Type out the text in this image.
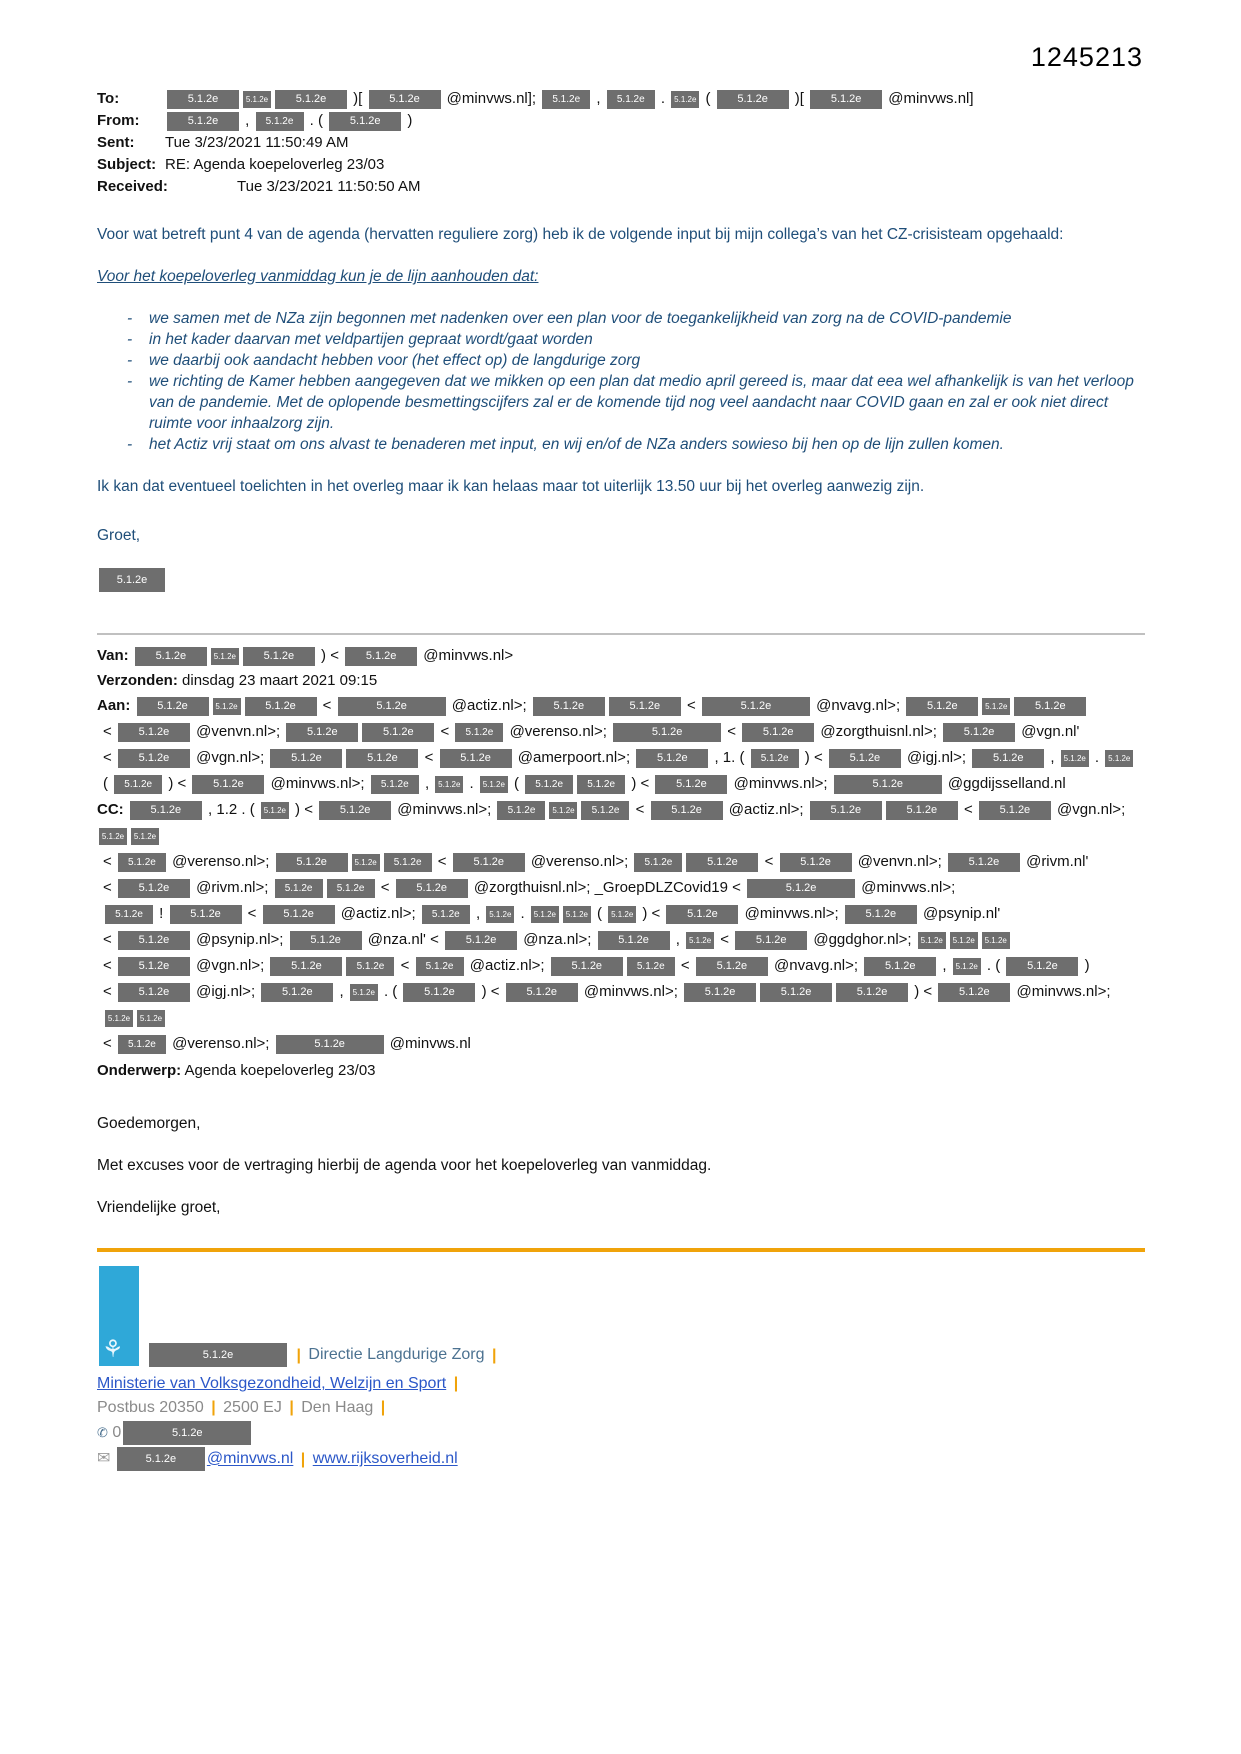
1245213
To:	5.1.2e	5.1.2e	5.1.2e )[ 5.1.2e @minvws.nl]; 5.1.2e , 5.1.2e . 5.1.2e ( 5.1.2e )[ 5.1.2e @minvws.nl]
From:	5.1.2e , 5.1.2e . ( 5.1.2e )
Sent:	Tue 3/23/2021 11:50:49 AM
Subject: RE: Agenda koepeloverleg 23/03
Received:	Tue 3/23/2021 11:50:50 AM

Voor wat betreft punt 4 van de agenda (hervatten reguliere zorg) heb ik de volgende input bij mijn collega’s van het CZ-crisisteam opgehaald:

Voor het koepeloverleg vanmiddag kun je de lijn aanhouden dat:

-	we samen met de NZa zijn begonnen met nadenken over een plan voor de toegankelijkheid van zorg na de COVID-pandemie
-	in het kader daarvan met veldpartijen gepraat wordt/gaat worden
-	we daarbij ook aandacht hebben voor (het effect op) de langdurige zorg
-	we richting de Kamer hebben aangegeven dat we mikken op een plan dat medio april gereed is, maar dat eea wel afhankelijk is van het verloop van de pandemie. Met de oplopende besmettingscijfers zal er de komende tijd nog veel aandacht naar COVID gaan en zal er ook niet direct ruimte voor inhaalzorg zijn.
-	het Actiz vrij staat om ons alvast te benaderen met input, en wij en/of de NZa anders sowieso bij hen op de lijn zullen komen.

Ik kan dat eventueel toelichten in het overleg maar ik kan helaas maar tot uiterlijk 13.50 uur bij het overleg aanwezig zijn.

Groet,

5.1.2e
Van: 5.1.2e	5.1.2e	5.1.2e ) < 5.1.2e @minvws.nl>
Verzonden: dinsdag 23 maart 2021 09:15
Aan: 5.1.2e	5.1.2e	5.1.2e <	5.1.2e	@actiz.nl>; 5.1.2e	5.1.2e <	5.1.2e	@nvavg.nl>; 5.1.2e	5.1.2e	5.1.2e
< 5.1.2e @venvn.nl>; 5.1.2e	5.1.2e < 5.1.2e @verenso.nl>;	5.1.2e	< 5.1.2e @zorgthuisnl.nl>; 5.1.2e @vgn.nl'
< 5.1.2e @vgn.nl>; 5.1.2e	5.1.2e < 5.1.2e @amerpoort.nl>; 5.1.2e , 1. ( 5.1.2e ) < 5.1.2e @igj.nl>; 5.1.2e , 5.1.2e . 5.1.2e
( 5.1.2e ) < 5.1.2e @minvws.nl>; 5.1.2e , 5.1.2e . 5.1.2e ( 5.1.2e 5.1.2e ) < 5.1.2e @minvws.nl>;	5.1.2e	@ggdijsselland.nl
CC: 5.1.2e , 1.2 . ( 5.1.2e ) < 5.1.2e @minvws.nl>; 5.1.2e 5.1.2e 5.1.2e < 5.1.2e @actiz.nl>; 5.1.2e	5.1.2e < 5.1.2e @vgn.nl>; 5.1.2e 5.1.2e
< 5.1.2e @verenso.nl>; 5.1.2e	5.1.2e 5.1.2e < 5.1.2e @verenso.nl>; 5.1.2e	5.1.2e < 5.1.2e @venvn.nl>; 5.1.2e @rivm.nl'
< 5.1.2e @rivm.nl>; 5.1.2e 5.1.2e < 5.1.2e @zorgthuisnl.nl>; _GroepDLZCovid19 <	5.1.2e	@minvws.nl>;
5.1.2e ! 5.1.2e < 5.1.2e @actiz.nl>; 5.1.2e , 5.1.2e . 5.1.2e 5.1.2e ( 5.1.2e ) < 5.1.2e @minvws.nl>; 5.1.2e @psynip.nl'
< 5.1.2e @psynip.nl>; 5.1.2e @nza.nl' < 5.1.2e @nza.nl>; 5.1.2e , 5.1.2e < 5.1.2e @ggdghor.nl>; 5.1.2e 5.1.2e 5.1.2e
< 5.1.2e @vgn.nl>; 5.1.2e	5.1.2e < 5.1.2e @actiz.nl>; 5.1.2e	5.1.2e < 5.1.2e @nvavg.nl>; 5.1.2e , 5.1.2e . ( 5.1.2e )
< 5.1.2e @igj.nl>; 5.1.2e , 5.1.2e . ( 5.1.2e ) < 5.1.2e @minvws.nl>; 5.1.2e	5.1.2e	5.1.2e ) < 5.1.2e @minvws.nl>; 5.1.2e 5.1.2e
< 5.1.2e @verenso.nl>;	5.1.2e	@minvws.nl
Onderwerp: Agenda koepeloverleg 23/03

Goedemorgen,

Met excuses voor de vertraging hierbij de agenda voor het koepeloverleg van vanmiddag.

Vriendelijke groet,

⚘	5.1.2e	| Directie Langdurige Zorg |
Ministerie van Volksgezondheid, Welzijn en Sport |
Postbus 20350 | 2500 EJ | Den Haag |
✆ 0	5.1.2e
✉	5.1.2e @minvws.nl | www.rijksoverheid.nl
